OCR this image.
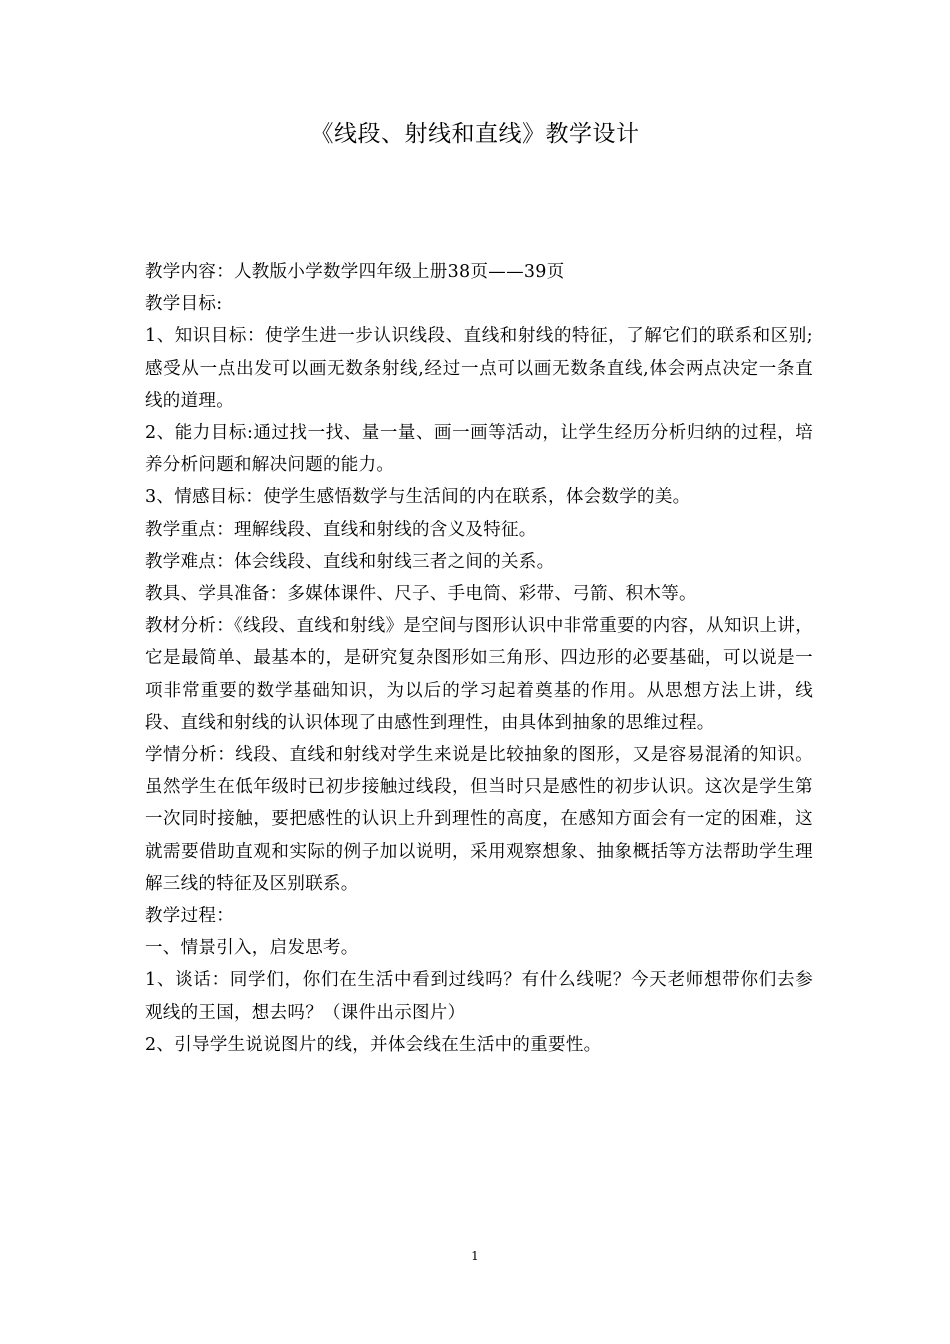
《线段、射线和直线》教学设计

教学内容：人教版小学数学四年级上册38页——39页

教学目标:

1、知识目标：使学生进一步认识线段、直线和射线的特征，了解它们的联系和区别;感受从一点出发可以画无数条射线,经过一点可以画无数条直线,体会两点决定一条直线的道理。

2、能力目标:通过找一找、量一量、画一画等活动，让学生经历分析归纳的过程，培养分析问题和解决问题的能力。

3、情感目标：使学生感悟数学与生活间的内在联系，体会数学的美。

教学重点：理解线段、直线和射线的含义及特征。

教学难点：体会线段、直线和射线三者之间的关系。

教具、学具准备：多媒体课件、尺子、手电筒、彩带、弓箭、积木等。

教材分析：《线段、直线和射线》是空间与图形认识中非常重要的内容，从知识上讲，它是最简单、最基本的，是研究复杂图形如三角形、四边形的必要基础，可以说是一项非常重要的数学基础知识，为以后的学习起着奠基的作用。从思想方法上讲，线段、直线和射线的认识体现了由感性到理性，由具体到抽象的思维过程。

学情分析：线段、直线和射线对学生来说是比较抽象的图形，又是容易混淆的知识。虽然学生在低年级时已初步接触过线段，但当时只是感性的初步认识。这次是学生第一次同时接触，要把感性的认识上升到理性的高度，在感知方面会有一定的困难，这就需要借助直观和实际的例子加以说明，采用观察想象、抽象概括等方法帮助学生理解三线的特征及区别联系。

教学过程：

一、情景引入，启发思考。

1、谈话：同学们，你们在生活中看到过线吗？有什么线呢？今天老师想带你们去参观线的王国，想去吗？（课件出示图片）

2、引导学生说说图片的线，并体会线在生活中的重要性。

1
